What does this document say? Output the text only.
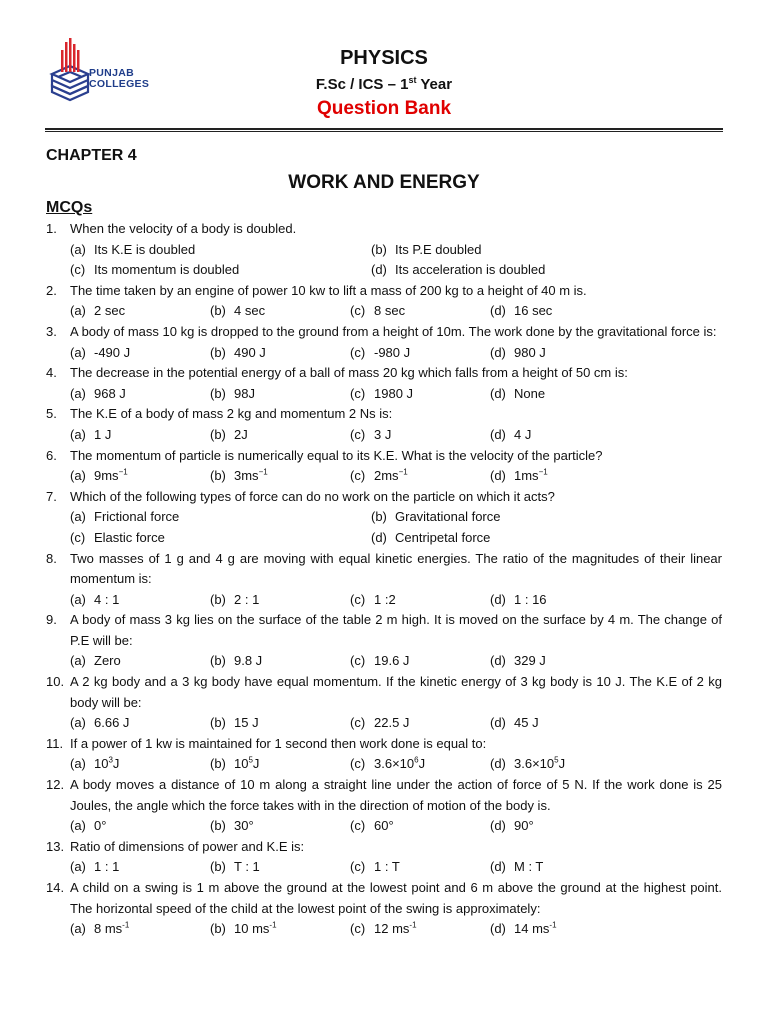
PUNJAB
COLLEGES
PHYSICS
F.Sc / ICS – 1st Year
Question Bank
CHAPTER 4
WORK AND ENERGY
MCQs
1.	When the velocity of a body is doubled.
(a) Its K.E is doubled	(b) Its P.E doubled
(c) Its momentum is doubled	(d) Its acceleration is doubled
2.	The time taken by an engine of power 10 kw to lift a mass of 200 kg to a height of 40 m is.
(a) 2 sec	(b) 4 sec	(c) 8 sec	(d) 16 sec
3.	A body of mass 10 kg is dropped to the ground from a height of 10m. The work done by the gravitational force is:
(a) -490 J	(b) 490 J	(c) -980 J	(d) 980 J
4.	The decrease in the potential energy of a ball of mass 20 kg which falls from a height of 50 cm is:
(a) 968 J	(b) 98J	(c) 1980 J	(d) None
5.	The K.E of a body of mass 2 kg and momentum 2 Ns is:
(a) 1 J	(b) 2J	(c) 3 J	(d) 4 J
6.	The momentum of particle is numerically equal to its K.E. What is the velocity of the particle?
(a) $9ms^{-1}$	(b) $3ms^{-1}$	(c) $2ms^{-1}$	(d) $1ms^{-1}$
7.	Which of the following types of force can do no work on the particle on which it acts?
(a) Frictional force	(b) Gravitational force
(c) Elastic force	(d) Centripetal force
8.	Two masses of 1 g and 4 g are moving with equal kinetic energies. The ratio of the magnitudes of their linear momentum is:
(a) 4 : 1	(b) 2 : 1	(c) 1 :2	(d) 1 : 16
9.	A body of mass 3 kg lies on the surface of the table 2 m high. It is moved on the surface by 4 m. The change of P.E will be:
(a) Zero	(b) 9.8 J	(c) 19.6 J	(d) 329 J
10. A 2 kg body and a 3 kg body have equal momentum. If the kinetic energy of 3 kg body is 10 J. The K.E of 2 kg body will be:
(a) 6.66 J	(b) 15 J	(c) 22.5 J	(d) 45 J
11. If a power of 1 kw is maintained for 1 second then work done is equal to:
(a) $10^3J$	(b) $10^5J$	(c) $3.6\times 10^6J$	(d) $3.6\times 10^5J$
12. A body moves a distance of 10 m along a straight line under the action of force of 5 N. If the work done is 25 Joules, the angle which the force takes with in the direction of motion of the body is.
(a) 0°	(b) 30°	(c) 60°	(d) 90°
13. Ratio of dimensions of power and K.E is:
(a) 1 : 1	(b) T : 1	(c) 1 : T	(d) M : T
14. A child on a swing is 1 m above the ground at the lowest point and 6 m above the ground at the highest point. The horizontal speed of the child at the lowest point of the swing is approximately:
(a) 8 $ms^{-1}$	(b) 10 $ms^{-1}$	(c) 12 $ms^{-1}$	(d) 14 $ms^{-1}$
